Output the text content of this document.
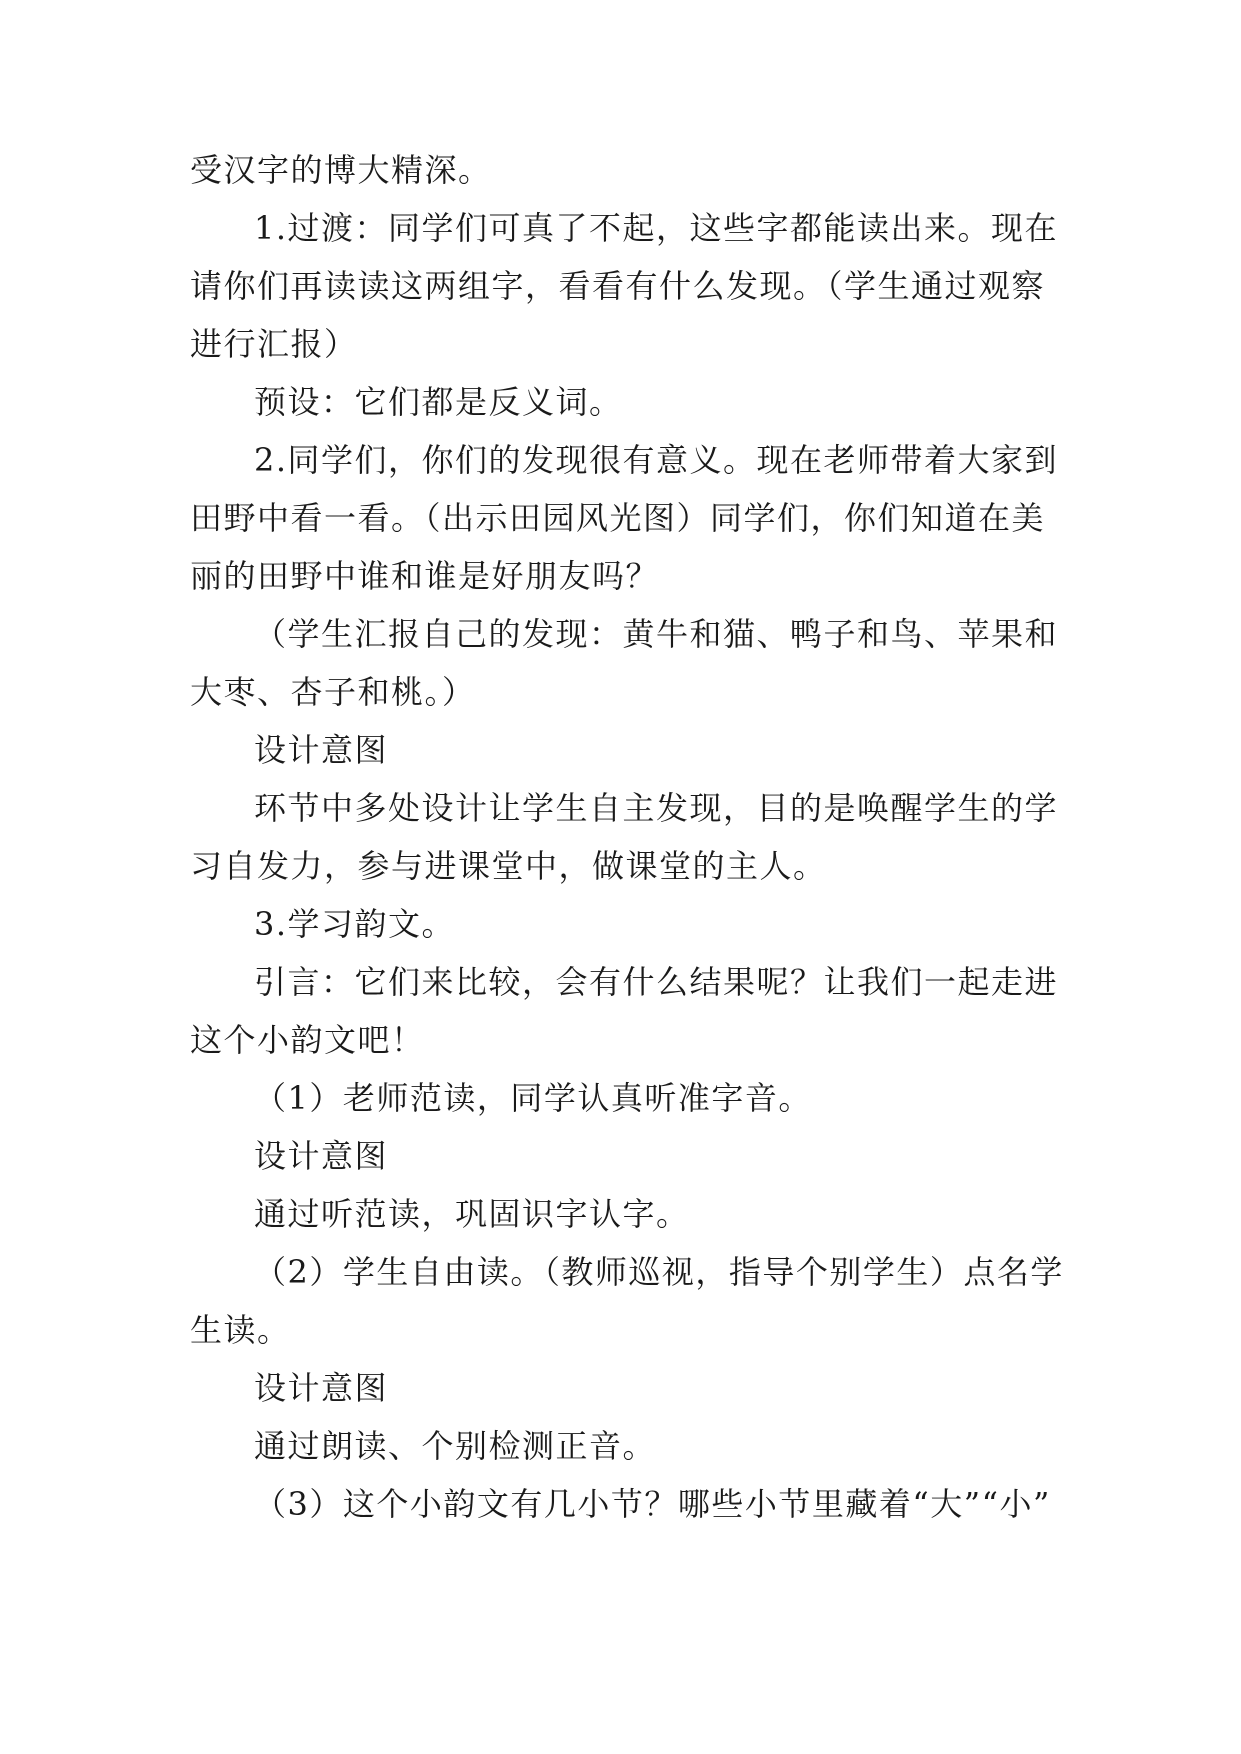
受汉字的博大精深。
1.过渡：同学们可真了不起，这些字都能读出来。现在
请你们再读读这两组字，看看有什么发现。（学生通过观察
进行汇报）
预设：它们都是反义词。
2.同学们，你们的发现很有意义。现在老师带着大家到
田野中看一看。（出示田园风光图）同学们，你们知道在美
丽的田野中谁和谁是好朋友吗？
（学生汇报自己的发现：黄牛和猫、鸭子和鸟、苹果和
大枣、杏子和桃。）
设计意图
环节中多处设计让学生自主发现，目的是唤醒学生的学
习自发力，参与进课堂中，做课堂的主人。
3.学习韵文。
引言：它们来比较，会有什么结果呢？让我们一起走进
这个小韵文吧！
（1）老师范读，同学认真听准字音。
设计意图
通过听范读，巩固识字认字。
（2）学生自由读。（教师巡视，指导个别学生）点名学
生读。
设计意图
通过朗读、个别检测正音。
（3）这个小韵文有几小节？哪些小节里藏着“大”“小”
